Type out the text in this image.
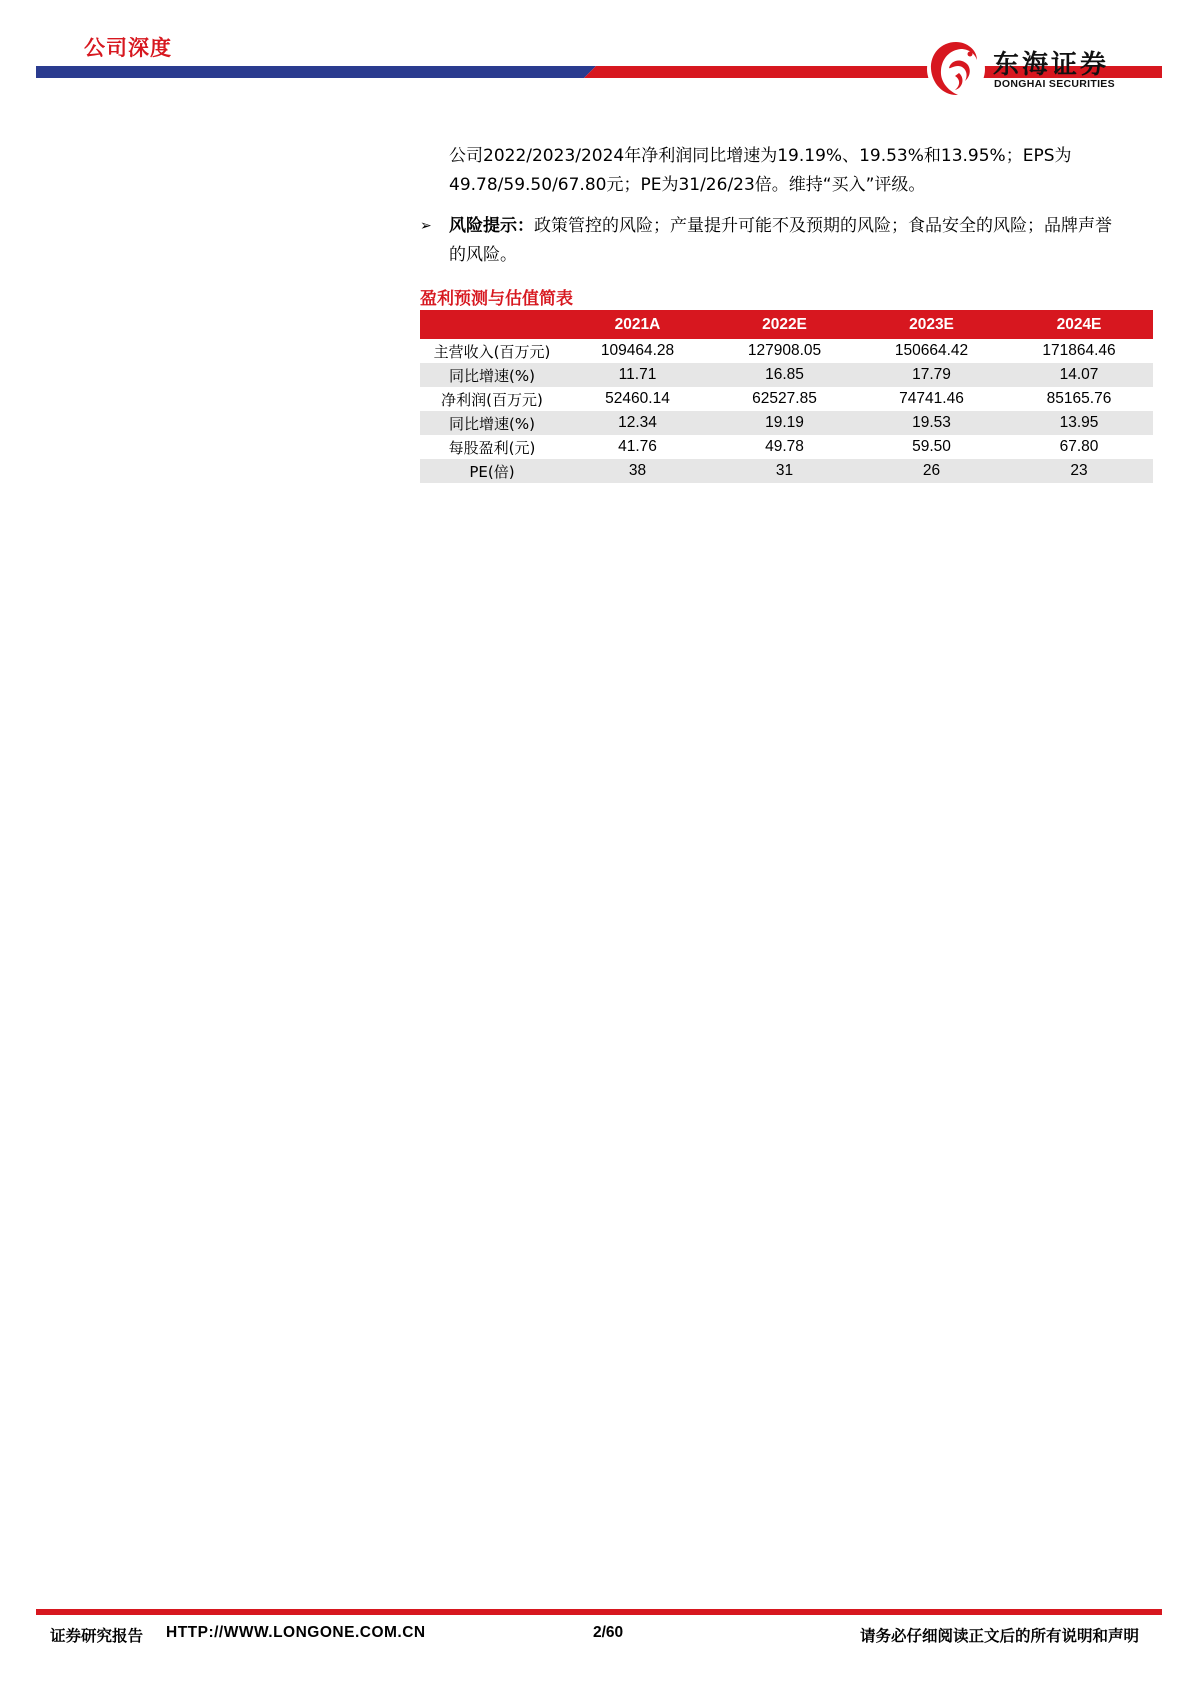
公司深度
东海证券
DONGHAI SECURITIES
公司2022/2023/2024年净利润同比增速为19.19%、19.53%和13.95%；EPS为
49.78/59.50/67.80元；PE为31/26/23倍。维持“买入”评级。
➢	风险提示：政策管控的风险；产量提升可能不及预期的风险；食品安全的风险；品牌声誉
的风险。
盈利预测与估值简表
	2021A	2022E	2023E	2024E
主营收入(百万元)	109464.28	127908.05	150664.42	171864.46
同比增速(%)	11.71	16.85	17.79	14.07
净利润(百万元)	52460.14	62527.85	74741.46	85165.76
同比增速(%)	12.34	19.19	19.53	13.95
每股盈利(元)	41.76	49.78	59.50	67.80
PE(倍)	38	31	26	23
证券研究报告 HTTP://WWW.LONGONE.COM.CN	2/60	请务必仔细阅读正文后的所有说明和声明
